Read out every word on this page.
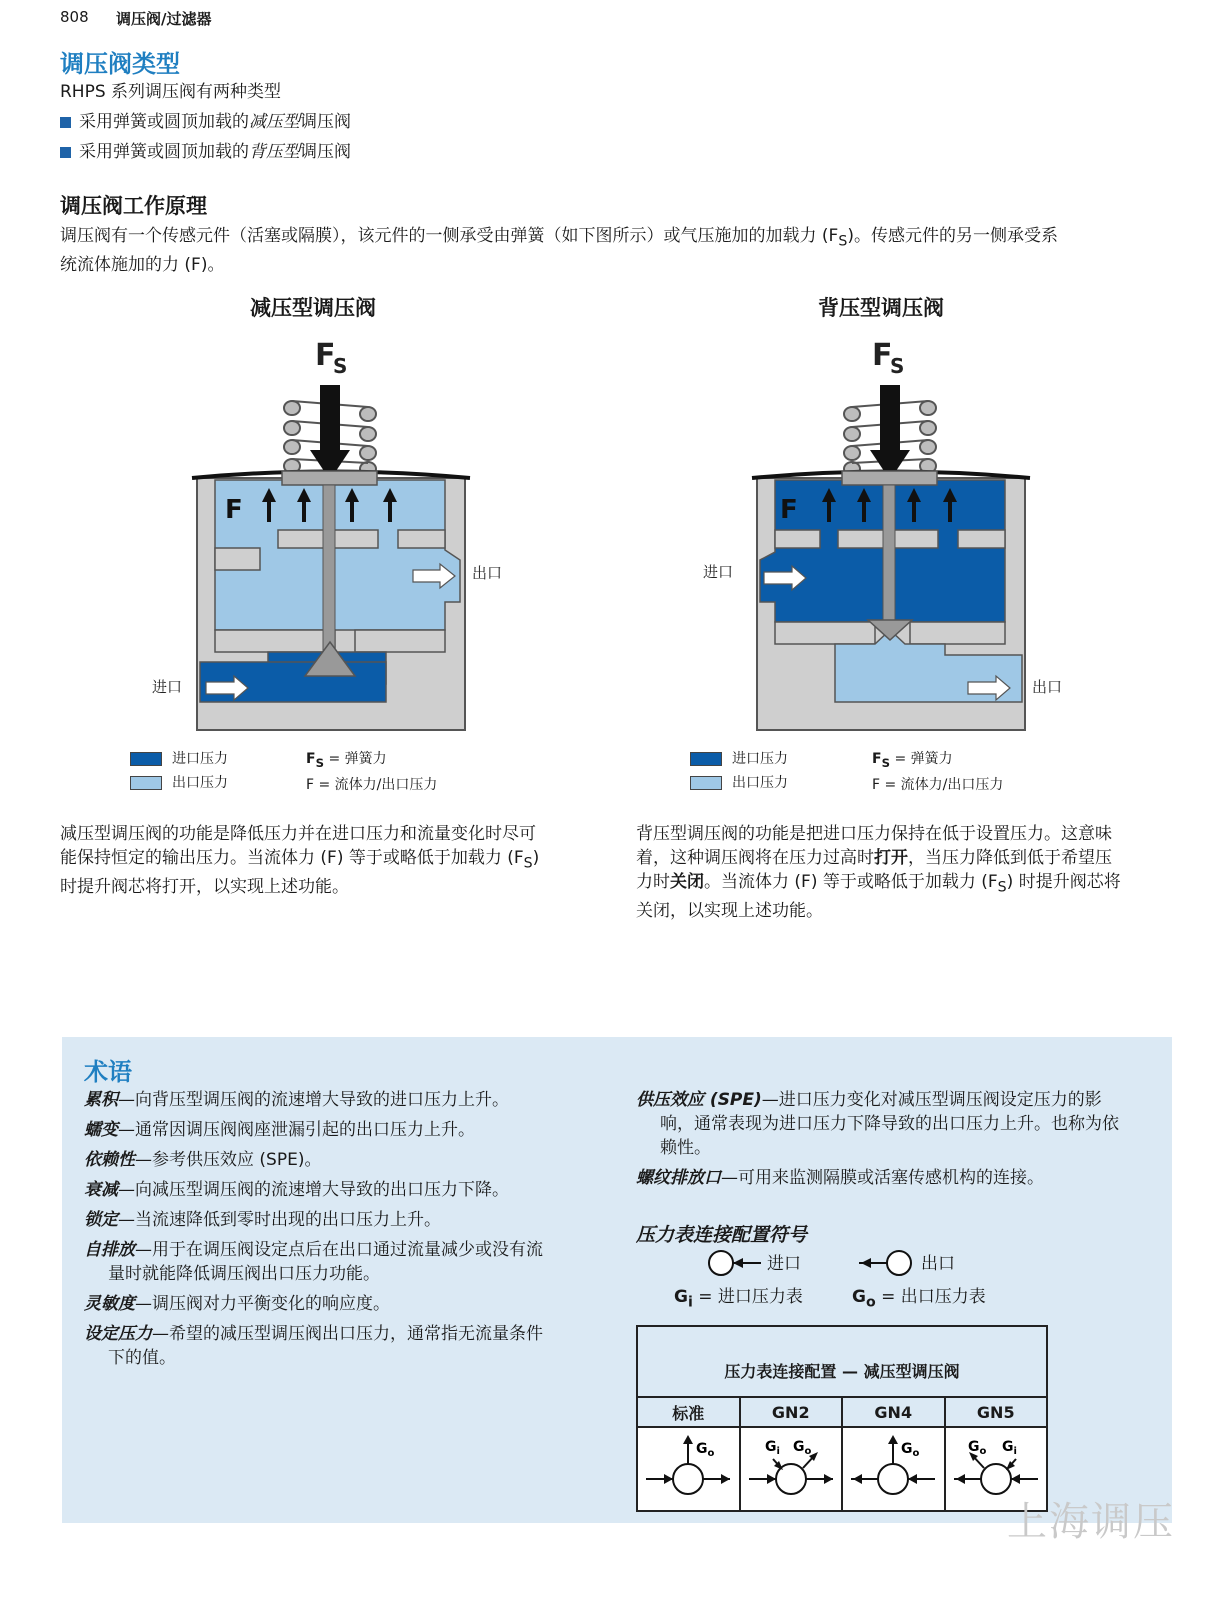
808 调压阀/过滤器
调压阀类型
RHPS 系列调压阀有两种类型
采用弹簧或圆顶加载的 减压型 调压阀
采用弹簧或圆顶加载的 背压型 调压阀
调压阀工作原理
调压阀有一个传感元件（活塞或隔膜），该元件的一侧承受由弹簧（如下图所示）或气压施加的加载力 $(F_S)$。传感元件的另一侧承受系
统流体施加的力 (F)。
减压型调压阀	背压型调压阀
F
S
F
出口
进口
F
S
F
进口
出口
进口压力
出口压力
$F_S$ = 弹簧力
F = 流体力/出口压力
进口压力
出口压力
$F_S$ = 弹簧力
F = 流体力/出口压力
减压型调压阀的功能是降低压力并在进口压力和流量变化时尽可
能保持恒定的输出压力。当流体力 (F) 等于或略低于加载力 $(F_S)$
时提升阀芯将打开，以实现上述功能。
背压型调压阀的功能是把进口压力保持在低于设置压力。这意味
着，这种调压阀将在压力过高时打开，当压力降低到低于希望压
力时关闭。当流体力 (F) 等于或略低于加载力 $(F_S)$ 时提升阀芯将
关闭，以实现上述功能。
术语
累积—向背压型调压阀的流速增大导致的进口压力上升。
蠕变—通常因调压阀阀座泄漏引起的出口压力上升。
依赖性—参考供压效应 (SPE)。
衰减—向减压型调压阀的流速增大导致的出口压力下降。
锁定—当流速降低到零时出现的出口压力上升。
自排放—用于在调压阀设定点后在出口通过流量减少或没有流
量时就能降低调压阀出口压力功能。
灵敏度—调压阀对力平衡变化的响应度。
设定压力—希望的减压型调压阀出口压力，通常指无流量条件
下的值。
供压效应 (SPE)—进口压力变化对减压型调压阀设定压力的影
响，通常表现为进口压力下降导致的出口压力上升。也称为依
赖性。
螺纹排放口—可用来监测隔膜或活塞传感机构的连接。
压力表连接配置符号
进口	出口
$G_i$ = 进口压力表	$G_o$ = 出口压力表
压力表连接配置 — 减压型调压阀			
标准	GN2	GN4	GN5

$G_o$	$G_i$ $G_o$	$G_o$	$G_o$ $G_i$
上海调压
